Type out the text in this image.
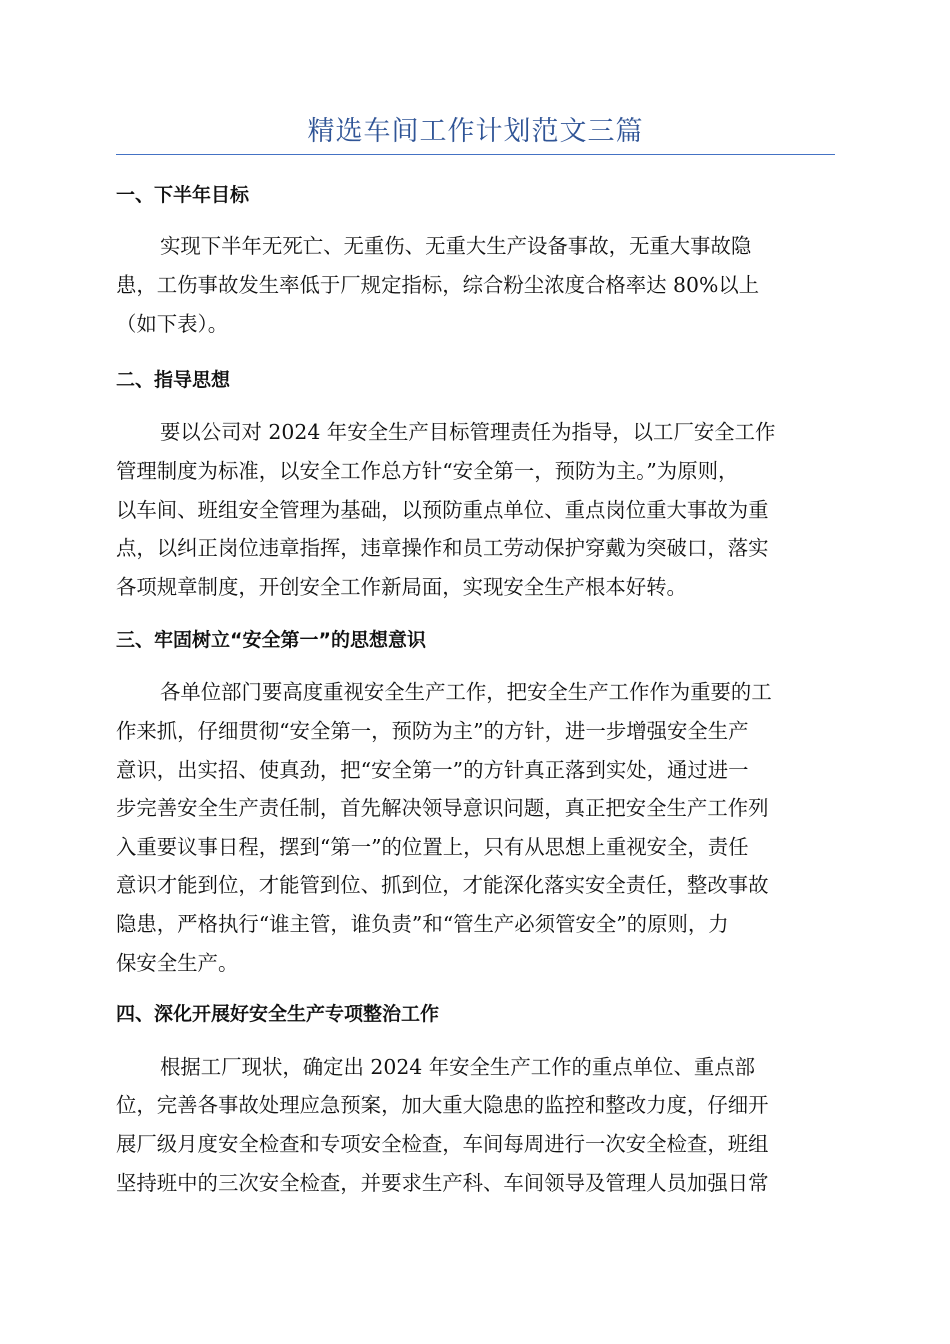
精选车间工作计划范文三篇
一、下半年目标
实现下半年无死亡、无重伤、无重大生产设备事故，无重大事故隐
患，工伤事故发生率低于厂规定指标，综合粉尘浓度合格率达 80%以上
（如下表）。
二、指导思想
要以公司对 2024 年安全生产目标管理责任为指导，以工厂安全工作
管理制度为标准，以安全工作总方针“安全第一，预防为主。”为原则，
以车间、班组安全管理为基础，以预防重点单位、重点岗位重大事故为重
点，以纠正岗位违章指挥，违章操作和员工劳动保护穿戴为突破口，落实
各项规章制度，开创安全工作新局面，实现安全生产根本好转。
三、牢固树立“安全第一”的思想意识
各单位部门要高度重视安全生产工作，把安全生产工作作为重要的工
作来抓，仔细贯彻“安全第一，预防为主”的方针，进一步增强安全生产
意识，出实招、使真劲，把“安全第一”的方针真正落到实处，通过进一
步完善安全生产责任制，首先解决领导意识问题，真正把安全生产工作列
入重要议事日程，摆到“第一”的位置上，只有从思想上重视安全，责任
意识才能到位，才能管到位、抓到位，才能深化落实安全责任，整改事故
隐患，严格执行“谁主管，谁负责”和“管生产必须管安全”的原则，力
保安全生产。
四、深化开展好安全生产专项整治工作
根据工厂现状，确定出 2024 年安全生产工作的重点单位、重点部
位，完善各事故处理应急预案，加大重大隐患的监控和整改力度，仔细开
展厂级月度安全检查和专项安全检查，车间每周进行一次安全检查，班组
坚持班中的三次安全检查，并要求生产科、车间领导及管理人员加强日常
